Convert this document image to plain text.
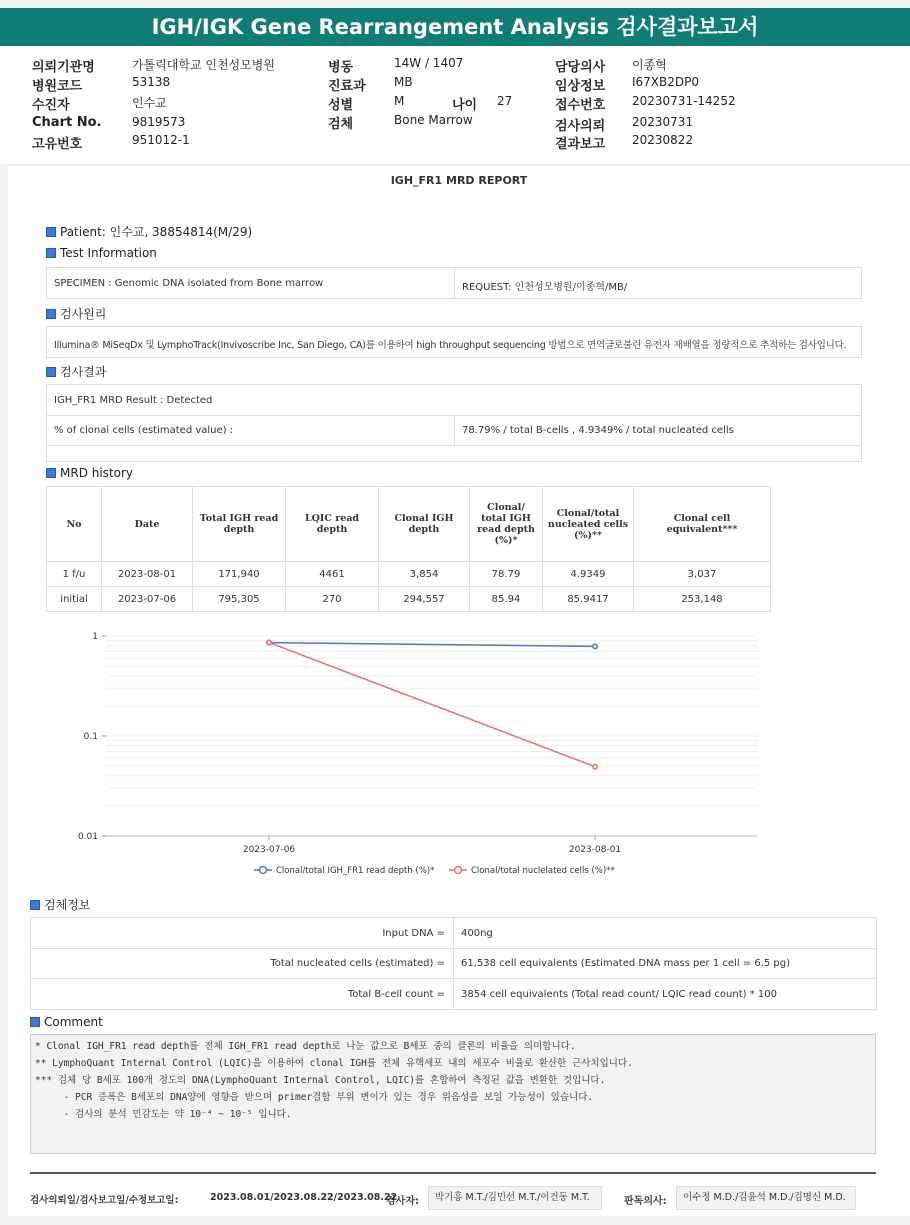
IGH/IGK Gene Rearrangement Analysis 검사결과보고서
의뢰기관명	가톨릭대학교 인천성모병원
병원코드	53138
수진자	인수교
Chart No.	9819573
고유번호	951012-1
병동	14W / 1407
진료과 MB
성별	M	나이 27
검체	Bone Marrow
담당의사 이종혁
임상정보 I67XB2DP0
접수번호 20230731-14252
검사의뢰 20230731
결과보고 20230822
IGH_FR1 MRD REPORT
Patient: 인수교, 38854814(M/29)
Test Information
SPECIMEN : Genomic DNA isolated from Bone marrow	REQUEST: 인천성모병원/이종혁/MB/
검사원리
Illumina® MiSeqDx 및 LymphoTrack(Invivoscribe Inc, San Diego, CA)를 이용하여 high throughput sequencing 방법으로 면역글로불린 유전자 재배열을 정량적으로 추적하는 검사입니다.
검사결과
IGH_FR1 MRD Result : Detected
% of clonal cells (estimated value) :	78.79% / total B-cells , 4.9349% / total nucleated cells
MRD history
No	Date	Total IGH read depth	LQIC read depth	Clonal IGH depth	Clonal/ total IGH read depth (%)*	Clonal/total nucleated cells (%)**	Clonal cell equivalent***
1 f/u	2023-08-01	171,940	4461	3,854	78.79	4.9349	3,037
initial	2023-07-06	795,305	270	294,557	85.94	85.9417	253,148
1
0.1
0.01
2023-07-06	2023-08-01
Clonal/total IGH_FR1 read depth (%)*	Clonal/total nuclelated cells (%)**
검체정보
Input DNA = 400ng
Total nucleated cells (estimated) = 61,538 cell equivalents (Estimated DNA mass per 1 cell = 6.5 pg)
Total B-cell count = 3854 cell equivalents (Total read count/ LQIC read count) * 100
Comment
* Clonal IGH_FR1 read depth를 전체 IGH_FR1 read depth로 나눈 값으로 B세포 중의 클론의 비율을 의미합니다.
** LymphoQuant Internal Control (LQIC)을 이용하여 clonal IGH를 전체 유핵세포 내의 세포수 비율로 환산한 근사치입니다.
*** 검체 당 B세포 100개 정도의 DNA(LymphoQuant Internal Control, LQIC)를 혼합하여 측정된 값을 변환한 것입니다.
- PCR 증폭은 B세포의 DNA양에 영향을 받으며 primer결합 부위 변이가 있는 경우 위음성을 보일 가능성이 있습니다.
- 검사의 분석 민감도는 약 10⁻⁴ ~ 10⁻⁵ 입니다.
검사의뢰일/검사보고일/수정보고일:	2023.08.01/2023.08.22/2023.08.22
검사자:	박기홍 M.T./김민선 M.T./이건동 M.T.	판독의사:	이수정 M.D./김윤석 M.D./김명신 M.D.
